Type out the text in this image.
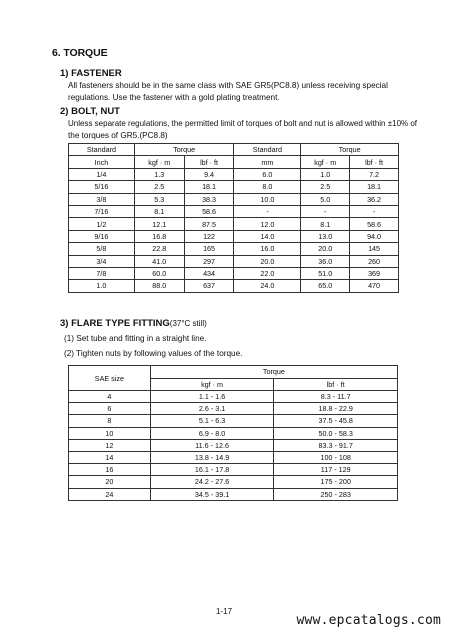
6. TORQUE
1) FASTENER
All fasteners should be in the same class with SAE GR5(PC8.8) unless receiving special
regulations. Use the fastener with a gold plating treatment.
2) BOLT, NUT
Unless separate regulations, the permitted limit of torques of bolt and nut is allowed within ±10% of
the torques of GR5.(PC8.8)
Standard	Torque		Standard	Torque	
Inch	kgf · m	lbf · ft	mm	kgf · m	lbf · ft
1/4	1.3	9.4	6.0	1.0	7.2
5/16	2.5	18.1	8.0	2.5	18.1
3/8	5.3	38.3	10.0	5.0	36.2
7/16	8.1	58.6	-	-	-
1/2	12.1	87.5	12.0	8.1	58.6
9/16	16.8	122	14.0	13.0	94.0
5/8	22.8	165	16.0	20.0	145
3/4	41.0	297	20.0	36.0	260
7/8	60.0	434	22.0	51.0	369
1.0	88.0	637	24.0	65.0	470
3) FLARE TYPE FITTING(37°C still)
(1) Set tube and fitting in a straight line.
(2) Tighten nuts by following values of the torque.
SAE size	Torque	
	kgf · m	lbf · ft
4	1.1 - 1.6	8.3 - 11.7
6	2.6 - 3.1	18.8 - 22.9
8	5.1 - 6.3	37.5 - 45.8
10	6.9 - 8.0	50.0 - 58.3
12	11.6 - 12.6	83.3 - 91.7
14	13.8 - 14.9	100 - 108
16	16.1 - 17.8	117 - 129
20	24.2 - 27.6	175 - 200
24	34.5 - 39.1	250 - 283
1-17
www.epcatalogs.com
